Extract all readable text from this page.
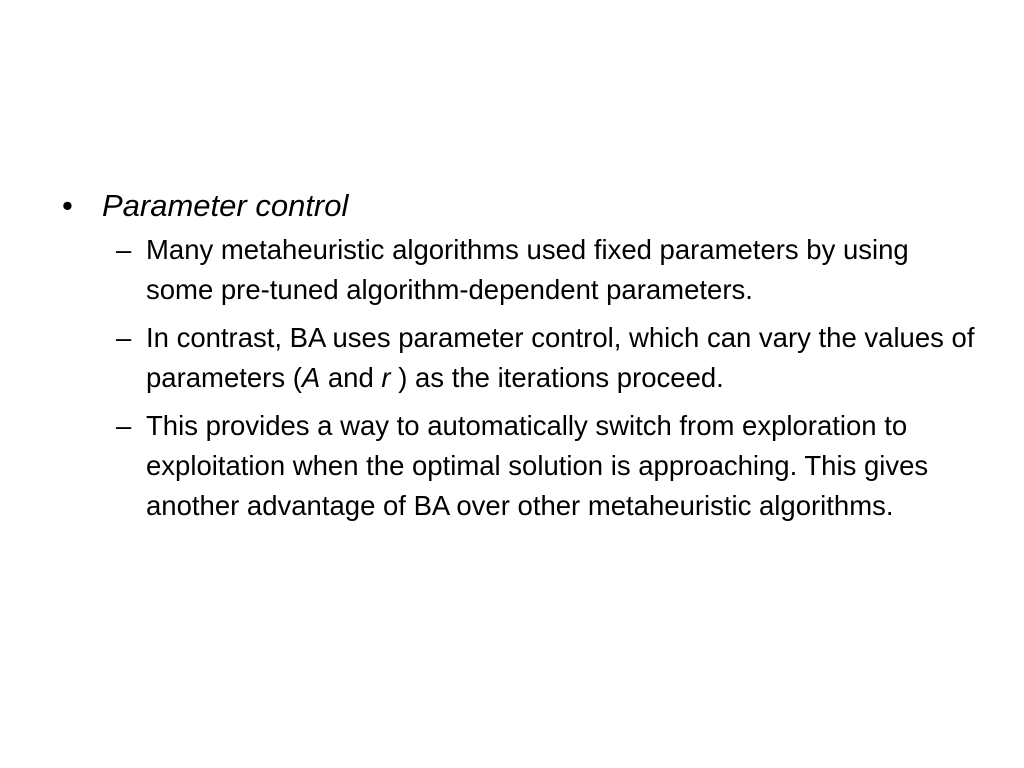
• Parameter control
– Many metaheuristic algorithms used fixed parameters by using some pre-tuned algorithm-dependent parameters.
– In contrast, BA uses parameter control, which can vary the values of parameters (A and r ) as the iterations proceed.
– This provides a way to automatically switch from exploration to exploitation when the optimal solution is approaching. This gives another advantage of BA over other metaheuristic algorithms.
